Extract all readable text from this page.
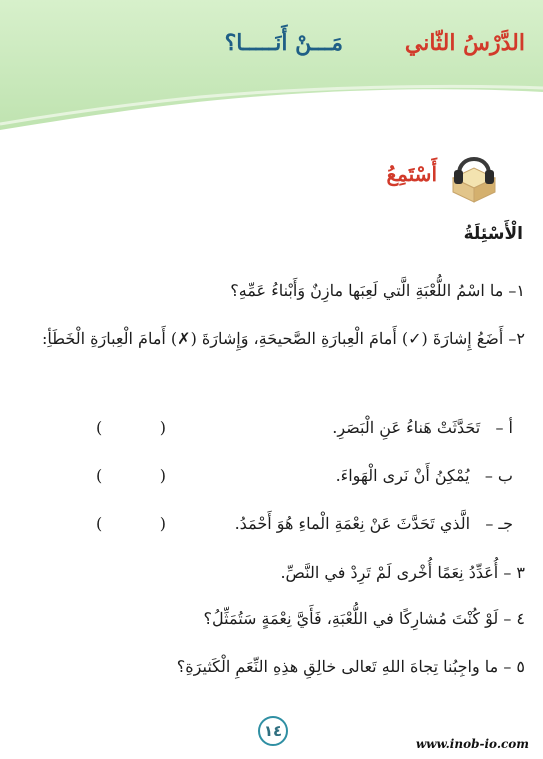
الدَّرْسُ الثّاني
مَـــنْ أَنَـــــا؟
أَسْتَمِعُ
الْأَسْئِلَةُ
١– ما اسْمُ اللُّعْبَةِ الَّتي لَعِبَها مازِنٌ وَأَبْناءُ عَمِّهِ؟
٢– أَضَعُ إِشارَةَ (✓) أَمامَ الْعِبارَةِ الصَّحيحَةِ، وَإِشارَةَ (✗) أَمامَ الْعِبارَةِ الْخَطَأِ:
أ –   تَحَدَّثَتْ هَناءُ عَنِ الْبَصَرِ.
(	)
ب –   يُمْكِنُ أَنْ نَرى الْهَواءَ.
(	)
جـ –   الَّذي تَحَدَّثَ عَنْ نِعْمَةِ الْماءِ هُوَ أَحْمَدُ.
(	)
٣ – أُعَدِّدُ نِعَمًا أُخْرى لَمْ تَرِدْ في النَّصِّ.
٤ – لَوْ كُنْتَ مُشارِكًا في اللُّعْبَةِ، فَأَيَّ نِعْمَةٍ سَتُمَثِّلُ؟
٥ – ما واجِبُنا تِجاهَ اللهِ تَعالى خالِقِ هذِهِ النِّعَمِ الْكَثيرَةِ؟
١٤
www.inob-io.com
